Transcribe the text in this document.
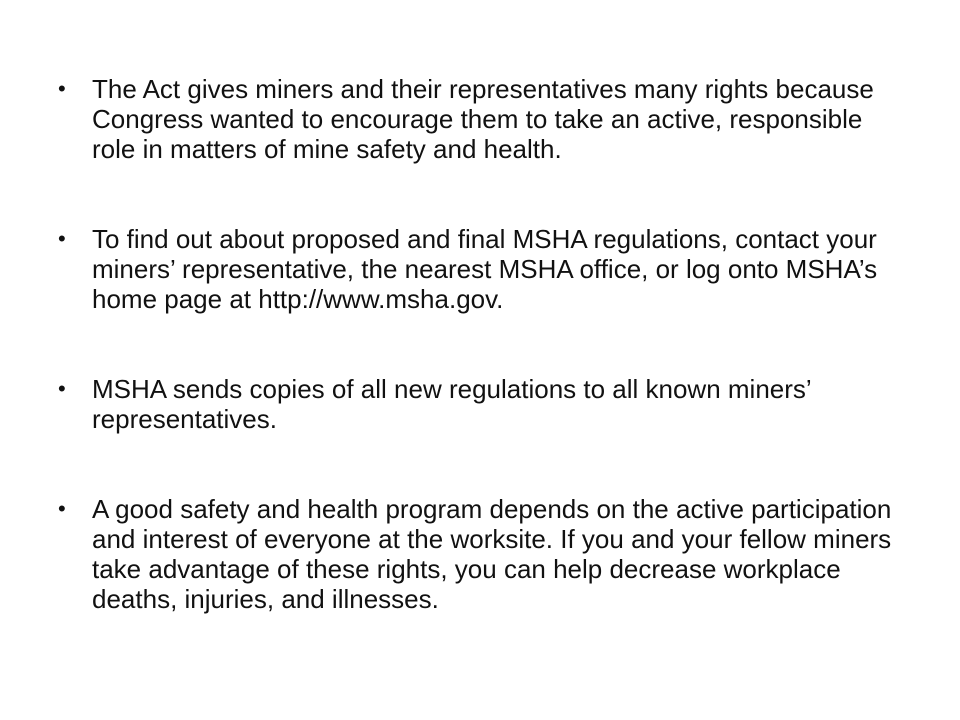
• The Act gives miners and their representatives many rights because Congress wanted to encourage them to take an active, responsible role in matters of mine safety and health.
• To find out about proposed and final MSHA regulations, contact your miners’ representative, the nearest MSHA office, or log onto MSHA’s home page at http://www.msha.gov.
• MSHA sends copies of all new regulations to all known miners’ representatives.
• A good safety and health program depends on the active participation and interest of everyone at the worksite. If you and your fellow miners take advantage of these rights, you can help decrease workplace deaths, injuries, and illnesses.
